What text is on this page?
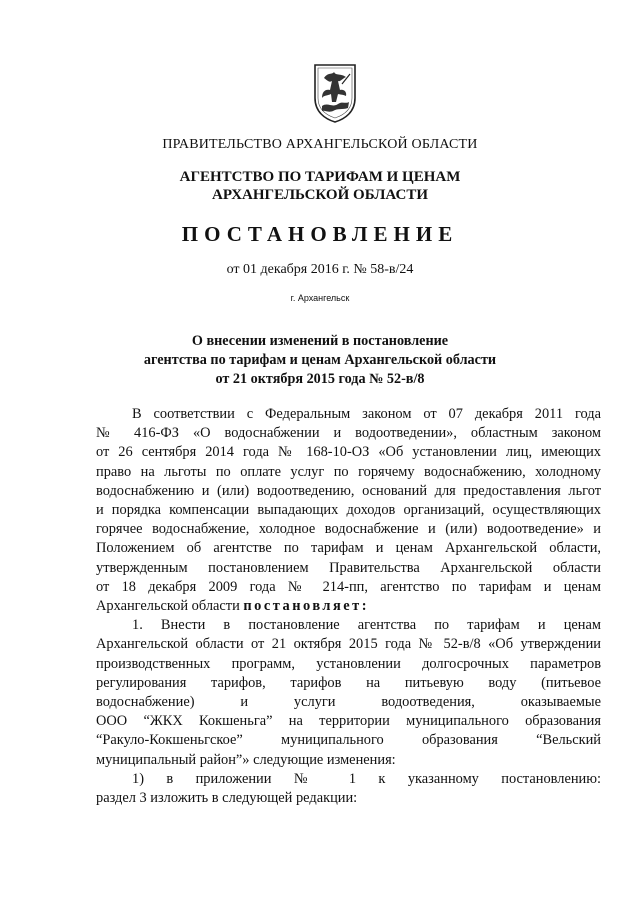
ПРАВИТЕЛЬСТВО АРХАНГЕЛЬСКОЙ ОБЛАСТИ
АГЕНТСТВО ПО ТАРИФАМ И ЦЕНАМ
АРХАНГЕЛЬСКОЙ ОБЛАСТИ
ПОСТАНОВЛЕНИЕ
от 01 декабря 2016 г. № 58-в/24
г. Архангельск
О внесении изменений в постановление
агентства по тарифам и ценам Архангельской области
от 21 октября 2015 года № 52-в/8
В соответствии с Федеральным законом от 07 декабря 2011 года
№ 416-ФЗ «О водоснабжении и водоотведении», областным законом
от 26 сентября 2014 года № 168-10-ОЗ «Об установлении лиц, имеющих
право на льготы по оплате услуг по горячему водоснабжению, холодному
водоснабжению и (или) водоотведению, оснований для предоставления льгот
и порядка компенсации выпадающих доходов организаций, осуществляющих
горячее водоснабжение, холодное водоснабжение и (или) водоотведение» и
Положением об агентстве по тарифам и ценам Архангельской области,
утвержденным постановлением Правительства Архангельской области
от 18 декабря 2009 года № 214-пп, агентство по тарифам и ценам
Архангельской области постановляет:
1. Внести в постановление агентства по тарифам и ценам
Архангельской области от 21 октября 2015 года № 52-в/8 «Об утверждении
производственных программ, установлении долгосрочных параметров
регулирования тарифов, тарифов на питьевую воду (питьевое
водоснабжение) и услуги водоотведения, оказываемые
ООО “ЖКХ Кокшеньга” на территории муниципального образования
“Ракуло-Кокшеньгское” муниципального образования “Вельский
муниципальный район”» следующие изменения:
1) в приложении № 1 к указанному постановлению:
раздел 3 изложить в следующей редакции:
